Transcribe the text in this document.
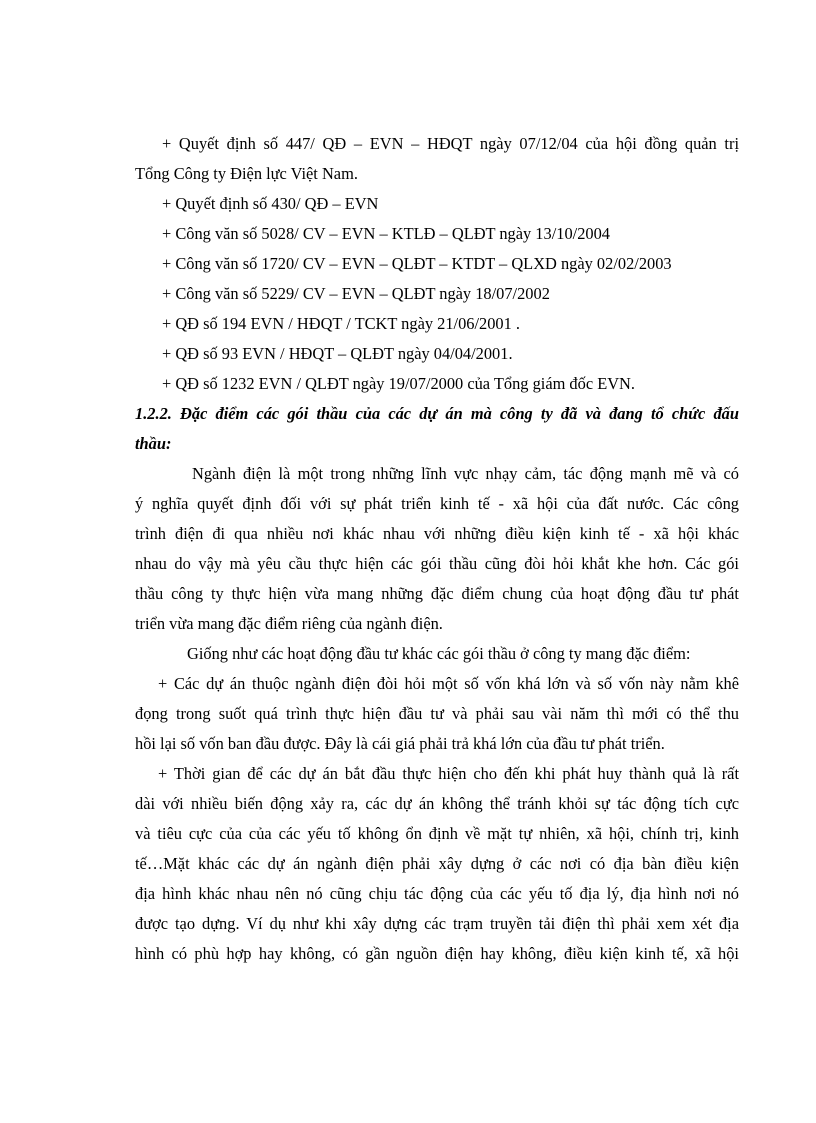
+ Quyết định số 447/ QĐ – EVN – HĐQT ngày 07/12/04 của hội đồng quản trị
Tổng Công ty Điện lực Việt Nam.
+ Quyết định số 430/ QĐ – EVN
+ Công văn số 5028/ CV – EVN – KTLĐ – QLĐT ngày 13/10/2004
+ Công văn số 1720/ CV – EVN – QLĐT – KTDT – QLXD ngày 02/02/2003
+ Công văn số 5229/ CV – EVN – QLĐT ngày 18/07/2002
+ QĐ số 194 EVN / HĐQT / TCKT ngày 21/06/2001 .
+ QĐ số 93 EVN / HĐQT – QLĐT ngày 04/04/2001.
+ QĐ số 1232 EVN / QLĐT ngày 19/07/2000 của Tổng giám đốc EVN.
1.2.2. Đặc điểm các gói thầu của các dự án mà công ty đã và đang tổ chức đấu
thầu:
Ngành điện là một trong những lĩnh vực nhạy cảm, tác động mạnh mẽ và có
ý nghĩa quyết định đối với sự phát triển kinh tế - xã hội của đất nước. Các công
trình điện đi qua nhiều nơi khác nhau với những điều kiện kinh tế - xã hội khác
nhau do vậy mà yêu cầu thực hiện các gói thầu cũng đòi hỏi khắt khe hơn. Các gói
thầu công ty thực hiện vừa mang những đặc điểm chung của hoạt động đầu tư phát
triển vừa mang đặc điểm riêng của ngành điện.
Giống như các hoạt động đầu tư khác các gói thầu ở công ty mang đặc điểm:
+ Các dự án thuộc ngành điện đòi hỏi một số vốn khá lớn và số vốn này nằm khê
đọng trong suốt quá trình thực hiện đầu tư và phải sau vài năm thì mới có thể thu
hồi lại số vốn ban đầu được. Đây là cái giá phải trả khá lớn của đầu tư phát triển.
+ Thời gian để các dự án bắt đầu thực hiện cho đến khi phát huy thành quả là rất
dài với nhiều biến động xảy ra, các dự án không thể tránh khỏi sự tác động tích cực
và tiêu cực của của các yếu tố không ổn định về mặt tự nhiên, xã hội, chính trị, kinh
tế…Mặt khác các dự án ngành điện phải xây dựng ở các nơi có địa bàn điều kiện
địa hình khác nhau nên nó cũng chịu tác động của các yếu tố địa lý, địa hình nơi nó
được tạo dựng. Ví dụ như khi xây dựng các trạm truyền tải điện thì phải xem xét địa
hình có phù hợp hay không, có gần nguồn điện hay không, điều kiện kinh tế, xã hội
